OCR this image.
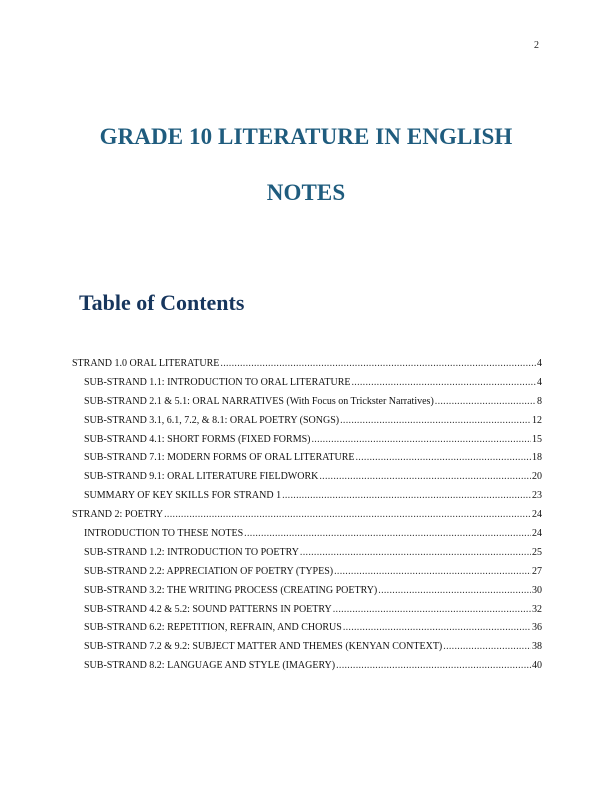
2
GRADE 10 LITERATURE IN ENGLISH
NOTES
Table of Contents
STRAND 1.0 ORAL LITERATURE .....	4
SUB-STRAND 1.1: INTRODUCTION TO ORAL LITERATURE .....	4
SUB-STRAND 2.1 & 5.1: ORAL NARRATIVES (With Focus on Trickster Narratives) .....	8
SUB-STRAND 3.1, 6.1, 7.2, & 8.1: ORAL POETRY (SONGS) .....	12
SUB-STRAND 4.1: SHORT FORMS (FIXED FORMS) .....	15
SUB-STRAND 7.1: MODERN FORMS OF ORAL LITERATURE .....	18
SUB-STRAND 9.1: ORAL LITERATURE FIELDWORK .....	20
SUMMARY OF KEY SKILLS FOR STRAND 1 .....	23
STRAND 2: POETRY .....	24
INTRODUCTION TO THESE NOTES .....	24
SUB-STRAND 1.2: INTRODUCTION TO POETRY .....	25
SUB-STRAND 2.2: APPRECIATION OF POETRY (TYPES) .....	27
SUB-STRAND 3.2: THE WRITING PROCESS (CREATING POETRY) .....	30
SUB-STRAND 4.2 & 5.2: SOUND PATTERNS IN POETRY .....	32
SUB-STRAND 6.2: REPETITION, REFRAIN, AND CHORUS .....	36
SUB-STRAND 7.2 & 9.2: SUBJECT MATTER AND THEMES (KENYAN CONTEXT) .....	38
SUB-STRAND 8.2: LANGUAGE AND STYLE (IMAGERY) .....	40
